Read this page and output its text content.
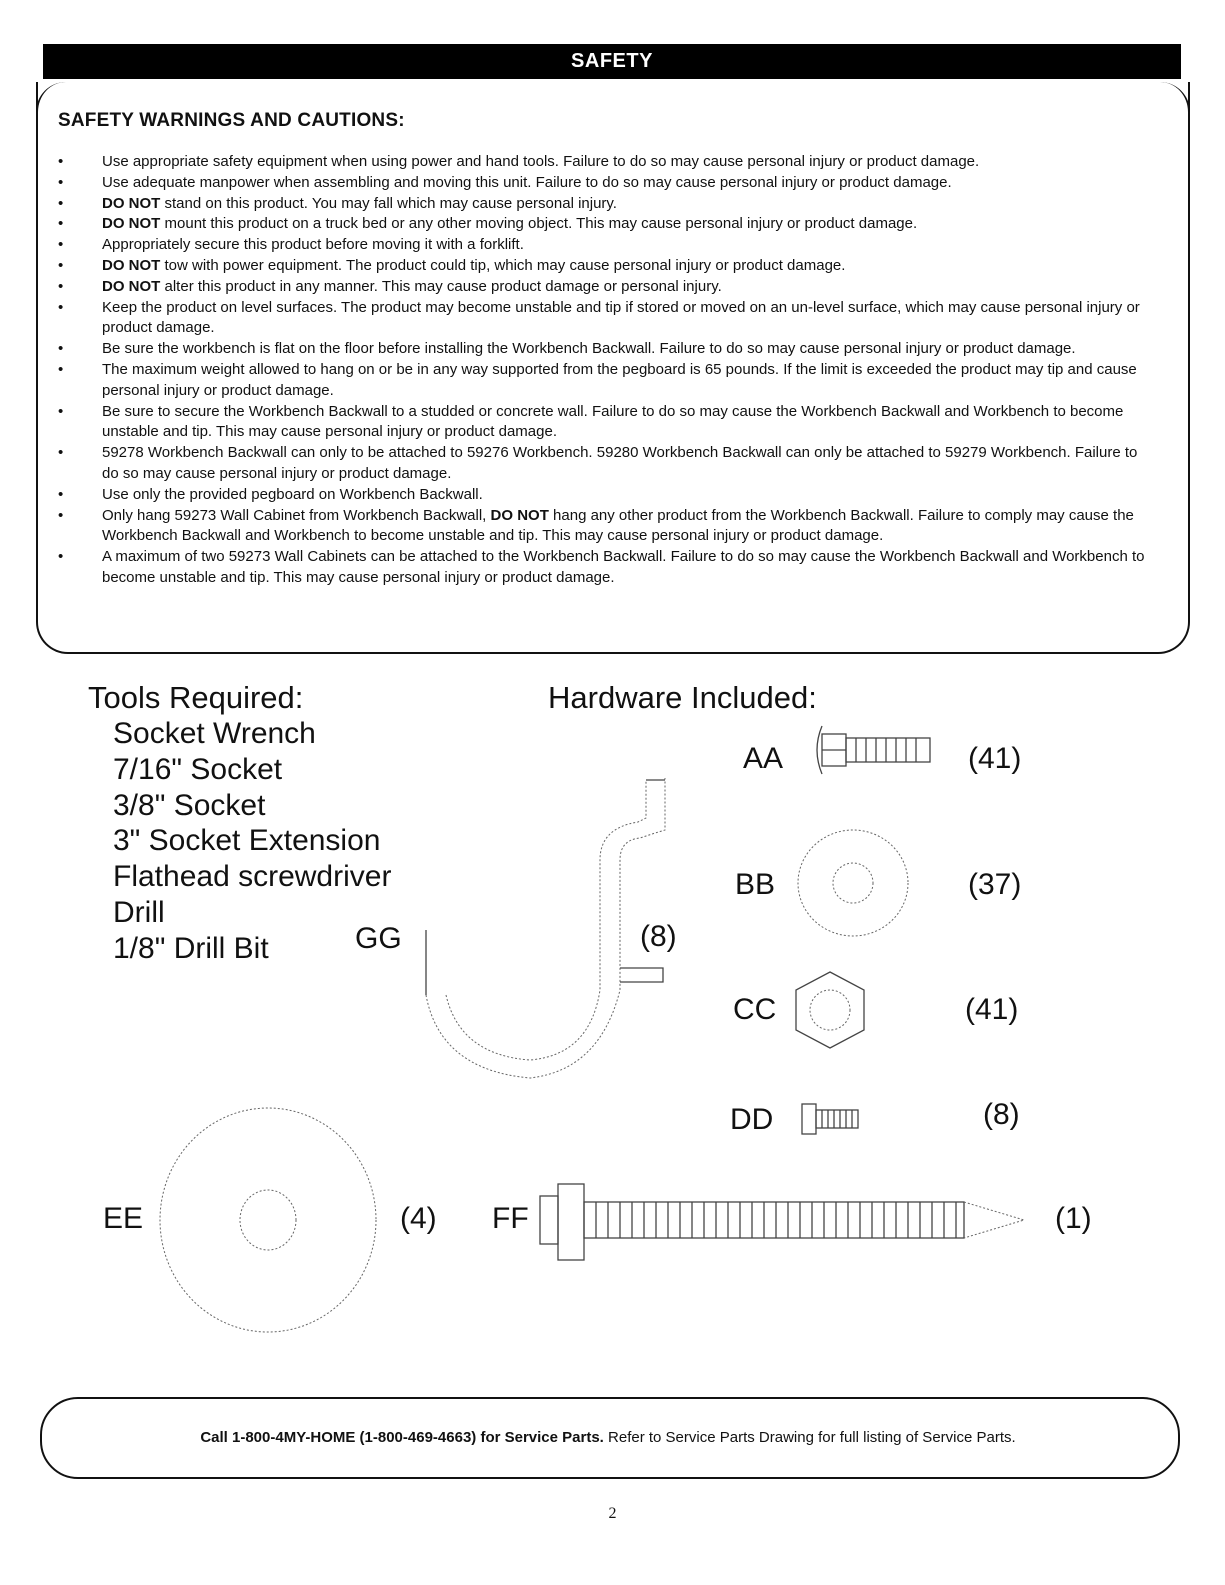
SAFETY
SAFETY WARNINGS AND CAUTIONS:
• Use appropriate safety equipment when using power and hand tools. Failure to do so may cause personal injury or product damage.
• Use adequate manpower when assembling and moving this unit. Failure to do so may cause personal injury or product damage.
• DO NOT stand on this product. You may fall which may cause personal injury.
• DO NOT mount this product on a truck bed or any other moving object. This may cause personal injury or product damage.
• Appropriately secure this product before moving it with a forklift.
• DO NOT tow with power equipment. The product could tip, which may cause personal injury or product damage.
• DO NOT alter this product in any manner. This may cause product damage or personal injury.
• Keep the product on level surfaces. The product may become unstable and tip if stored or moved on an un-level surface, which may cause personal injury or product damage.
• Be sure the workbench is flat on the floor before installing the Workbench Backwall. Failure to do so may cause personal injury or product damage.
• The maximum weight allowed to hang on or be in any way supported from the pegboard is 65 pounds. If the limit is exceeded the product may tip and cause personal injury or product damage.
• Be sure to secure the Workbench Backwall to a studded or concrete wall. Failure to do so may cause the Workbench Backwall and Workbench to become unstable and tip. This may cause personal injury or product damage.
• 59278 Workbench Backwall can only to be attached to 59276 Workbench. 59280 Workbench Backwall can only be attached to 59279 Workbench. Failure to do so may cause personal injury or product damage.
• Use only the provided pegboard on Workbench Backwall.
• Only hang 59273 Wall Cabinet from Workbench Backwall, DO NOT hang any other product from the Workbench Backwall. Failure to comply may cause the Workbench Backwall and Workbench to become unstable and tip. This may cause personal injury or product damage.
• A maximum of two 59273 Wall Cabinets can be attached to the Workbench Backwall. Failure to do so may cause the Workbench Backwall and Workbench to become unstable and tip. This may cause personal injury or product damage.
Tools Required:
Socket Wrench
7/16" Socket
3/8" Socket
3" Socket Extension
Flathead screwdriver
Drill
1/8" Drill Bit
Hardware Included:
AA	(41)
BB	(37)
CC	(41)
DD	(8)
GG	(8)
EE	(4) FF	(1)
Call 1-800-4MY-HOME (1-800-469-4663) for Service Parts. Refer to Service Parts Drawing for full listing of Service Parts.
2
